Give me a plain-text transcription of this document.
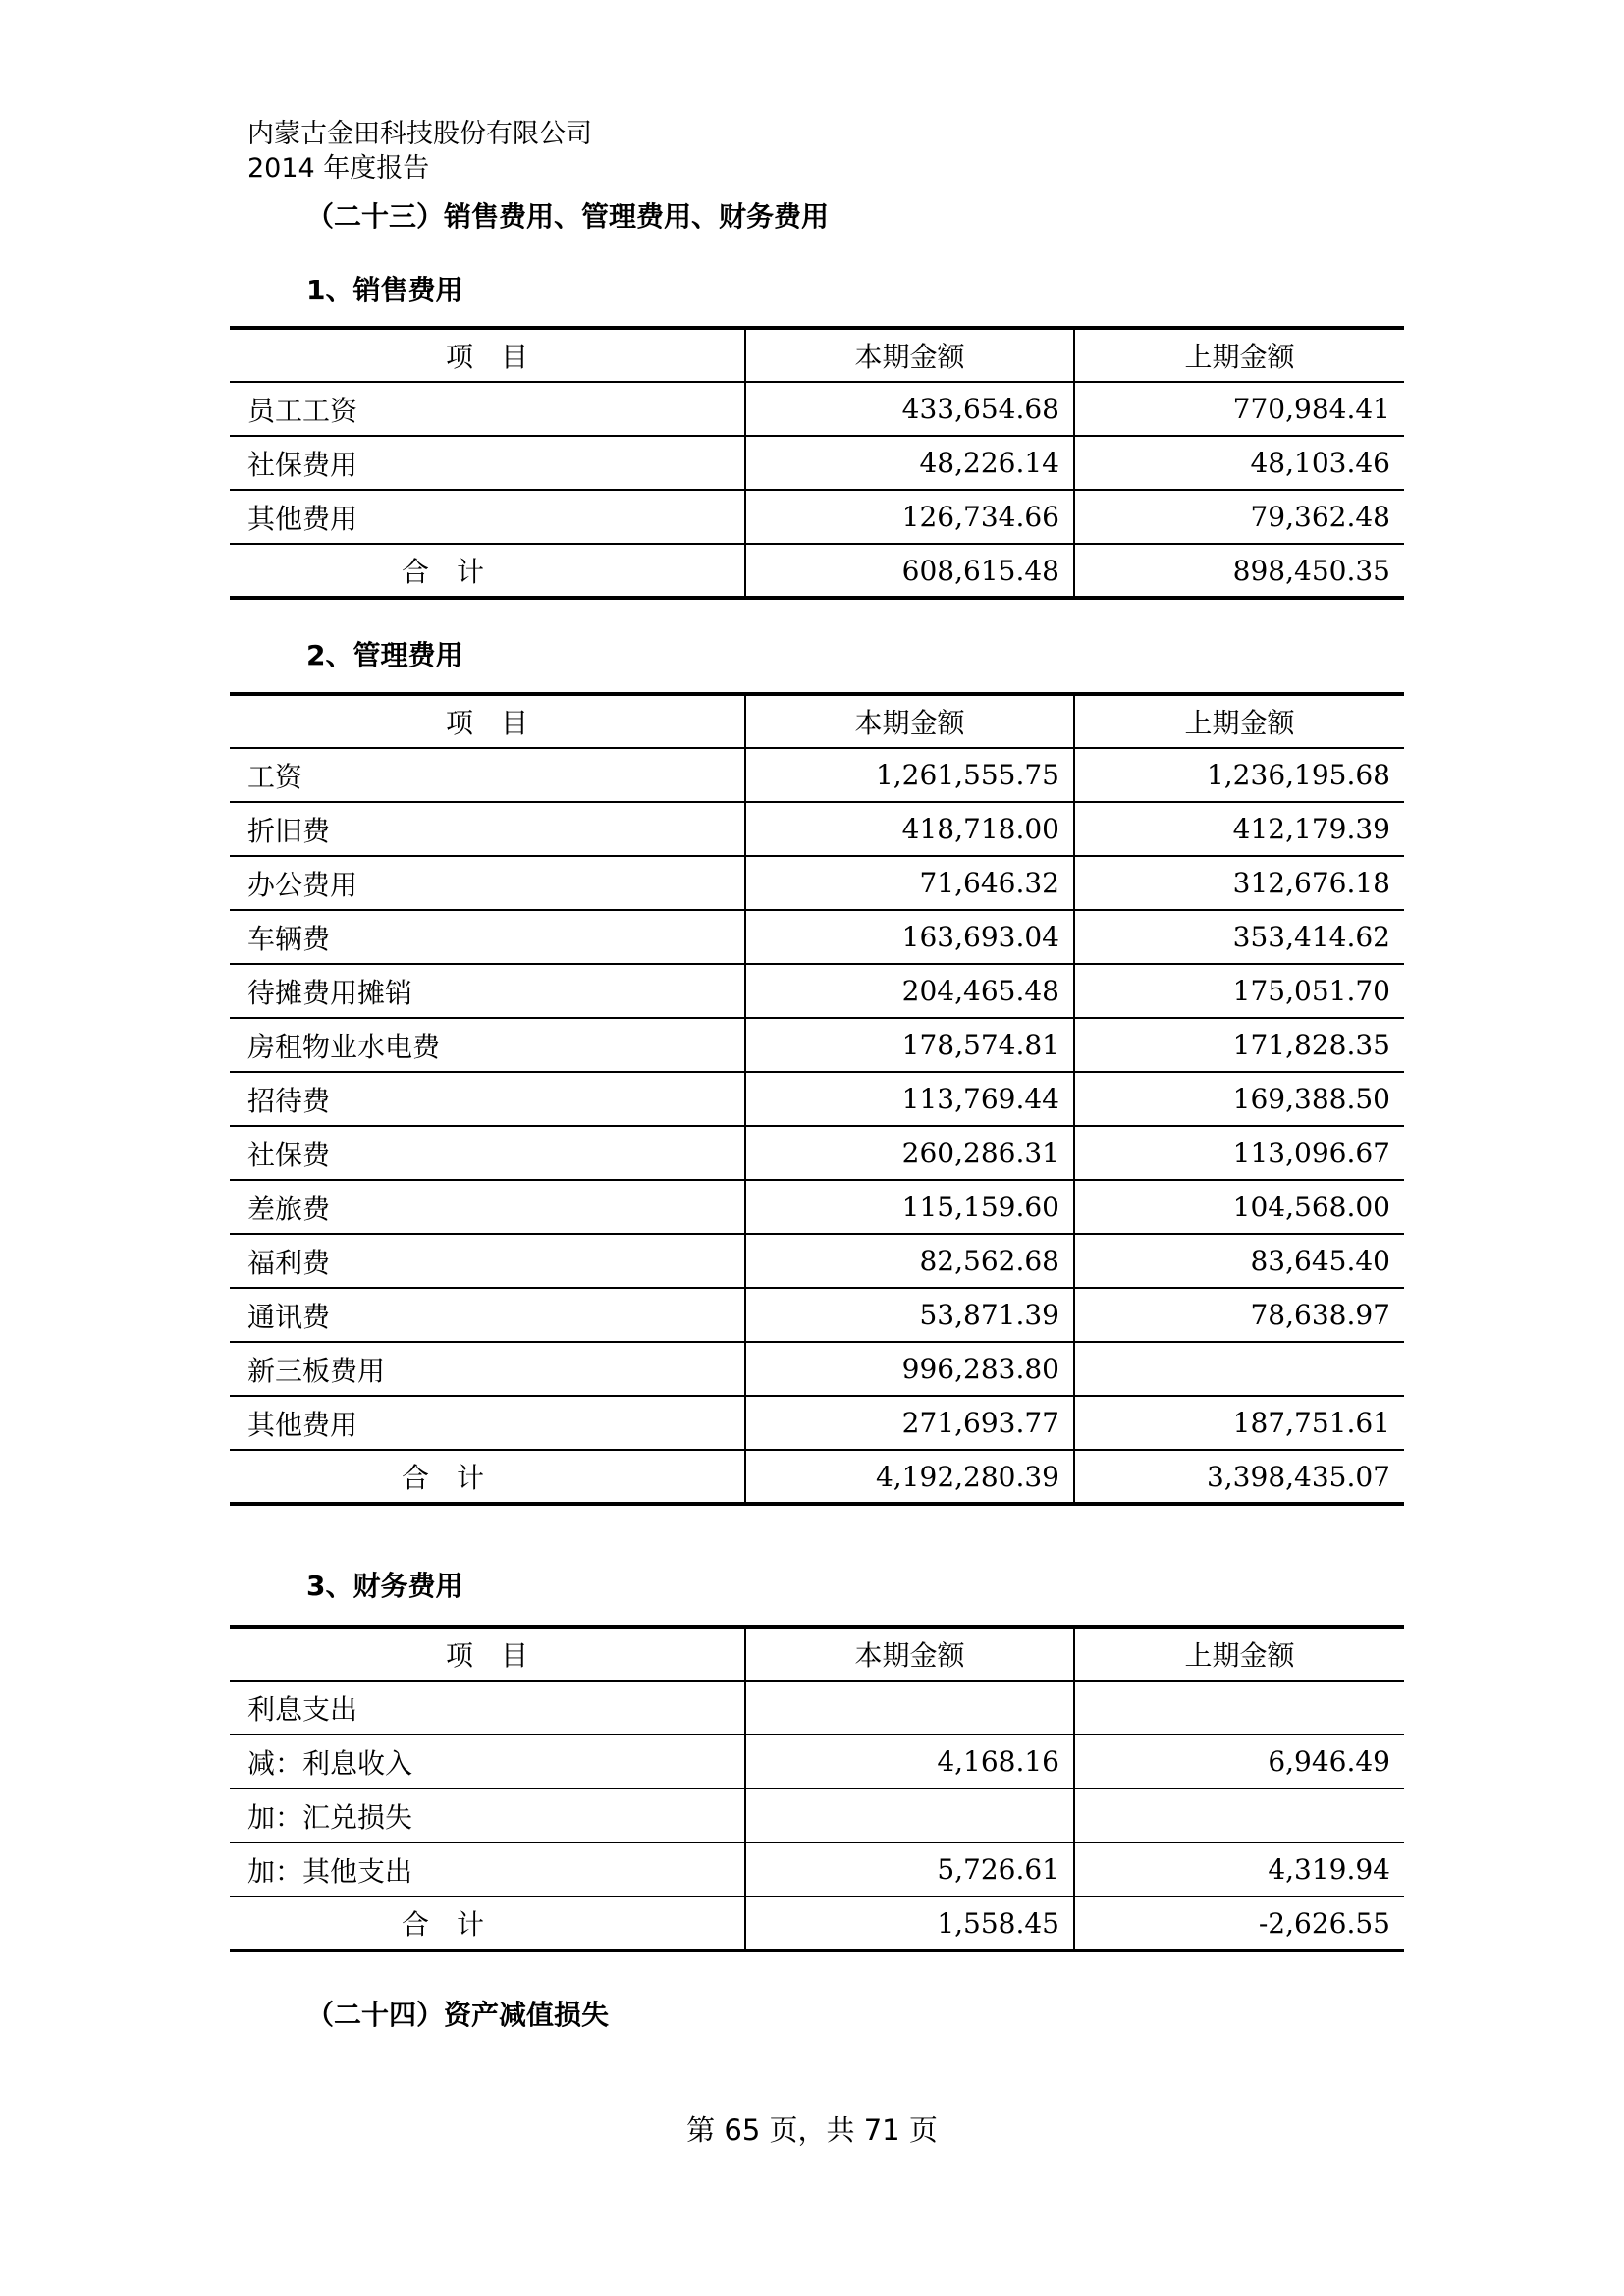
内蒙古金田科技股份有限公司
2014 年度报告
（二十三）销售费用、管理费用、财务费用
1、销售费用
项　目	本期金额	上期金额
员工工资	433,654.68	770,984.41
社保费用	48,226.14	48,103.46
其他费用	126,734.66	79,362.48
合　计	608,615.48	898,450.35
2、管理费用
项　目	本期金额	上期金额
工资	1,261,555.75	1,236,195.68
折旧费	418,718.00	412,179.39
办公费用	71,646.32	312,676.18
车辆费	163,693.04	353,414.62
待摊费用摊销	204,465.48	175,051.70
房租物业水电费	178,574.81	171,828.35
招待费	113,769.44	169,388.50
社保费	260,286.31	113,096.67
差旅费	115,159.60	104,568.00
福利费	82,562.68	83,645.40
通讯费	53,871.39	78,638.97
新三板费用	996,283.80	
其他费用	271,693.77	187,751.61
合　计	4,192,280.39	3,398,435.07
3、财务费用
项　目	本期金额	上期金额
利息支出		
减：利息收入	4,168.16	6,946.49
加：汇兑损失		
加：其他支出	5,726.61	4,319.94
合　计	1,558.45	-2,626.55
（二十四）资产减值损失
第 65 页，共 71 页
